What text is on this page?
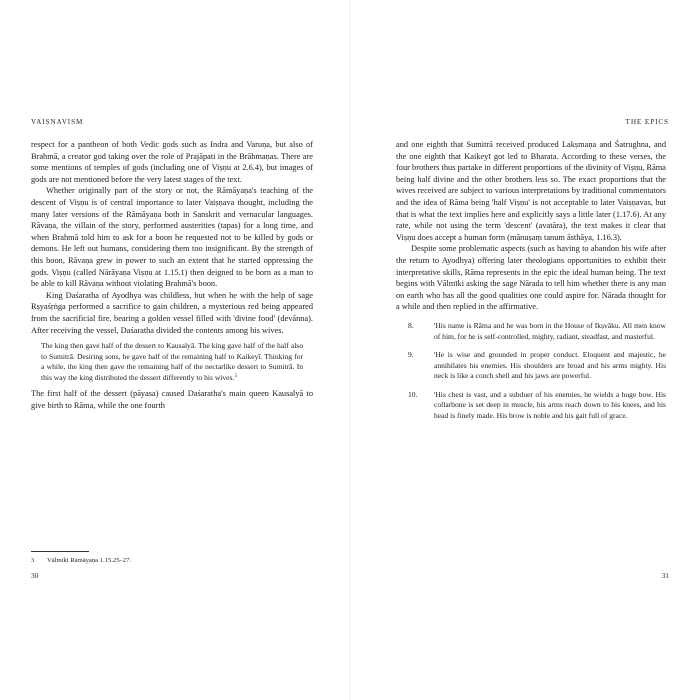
VAIṢṆAVISM

respect for a pantheon of both Vedic gods such as Indra and Varuṇa, but also of Brahmā, a creator god taking over the role of Prajāpati in the Brāhmaṇas. There are some mentions of temples of gods (including one of Viṣṇu at 2.6.4), but images of gods are not mentioned before the very latest stages of the text.

Whether originally part of the story or not, the Rāmāyaṇa's teaching of the descent of Viṣṇu is of central importance to later Vaiṣṇava thought, including the many later versions of the Rāmāyaṇa both in Sanskrit and vernacular languages. Rāvaṇa, the villain of the story, performed austerities (tapas) for a long time, and when Brahmā told him to ask for a boon he requested not to be killed by gods or demons. He left out humans, considering them too insignificant. By the strength of this boon, Rāvaṇa grew in power to such an extent that he started oppressing the gods. Viṣṇu (called Nārāyaṇa Viṣṇu at 1.15.1) then deigned to be born as a man to be able to kill Rāvaṇa without violating Brahmā's boon.

King Daśaratha of Ayodhya was childless, but when he with the help of sage Ṛṣyaśṛṅga performed a sacrifice to gain children, a mysterious red being appeared from the sacrificial fire, bearing a golden vessel filled with 'divine food' (devānna). After receiving the vessel, Daśaratha divided the contents among his wives.

The king then gave half of the dessert to Kausalyā. The king gave half of the half also to Sumitrā. Desiring sons, he gave half of the remaining half to Kaikeyī. Thinking for a while, the king then gave the remaining half of the nectarlike dessert to Sumitrā. In this way the king distributed the dessert differently to his wives.$^3$

The first half of the dessert (pāyasa) caused Daśaratha's main queen Kausalyā to give birth to Rāma, while the one fourth

3 Vālmīki Rāmāyaṇa 1.15.25–27.
30
THE EPICS

and one eighth that Sumitrā received produced Lakṣmaṇa and Śatrughna, and the one eighth that Kaikeyī got led to Bharata. According to these verses, the four brothers thus partake in different proportions of the divinity of Viṣṇu, Rāma being half divine and the other brothers less so. The exact proportions that the wives received are subject to various interpretations by traditional commentators and the idea of Rāma being 'half Viṣṇu' is not acceptable to later Vaiṣṇavas, but that is what the text implies here and explicitly says a little later (1.17.6). At any rate, while not using the term 'descent' (avatāra), the text makes it clear that Viṣṇu does accept a human form (mānuṣaṃ tanum āsthāya, 1.16.3).

Despite some problematic aspects (such as having to abandon his wife after the return to Ayodhya) offering later theologians opportunities to exhibit their interpretative skills, Rāma represents in the epic the ideal human being. The text begins with Vālmīki asking the sage Nārada to tell him whether there is any man on earth who has all the good qualities one could aspire for. Nārada thought for a while and then replied in the affirmative.

8.	'His name is Rāma and he was born in the House of Ikṣvāku. All men know of him, for he is self-controlled, mighty, radiant, steadfast, and masterful.
9.	'He is wise and grounded in proper conduct. Eloquent and majestic, he annihilates his enemies. His shoulders are broad and his arms mighty. His neck is like a conch shell and his jaws are powerful.
10. 'His chest is vast, and a subduer of his enemies, he wields a huge bow. His collarbone is set deep in muscle, his arms reach down to his knees, and his head is finely made. His brow is noble and his gait full of grace.
31
